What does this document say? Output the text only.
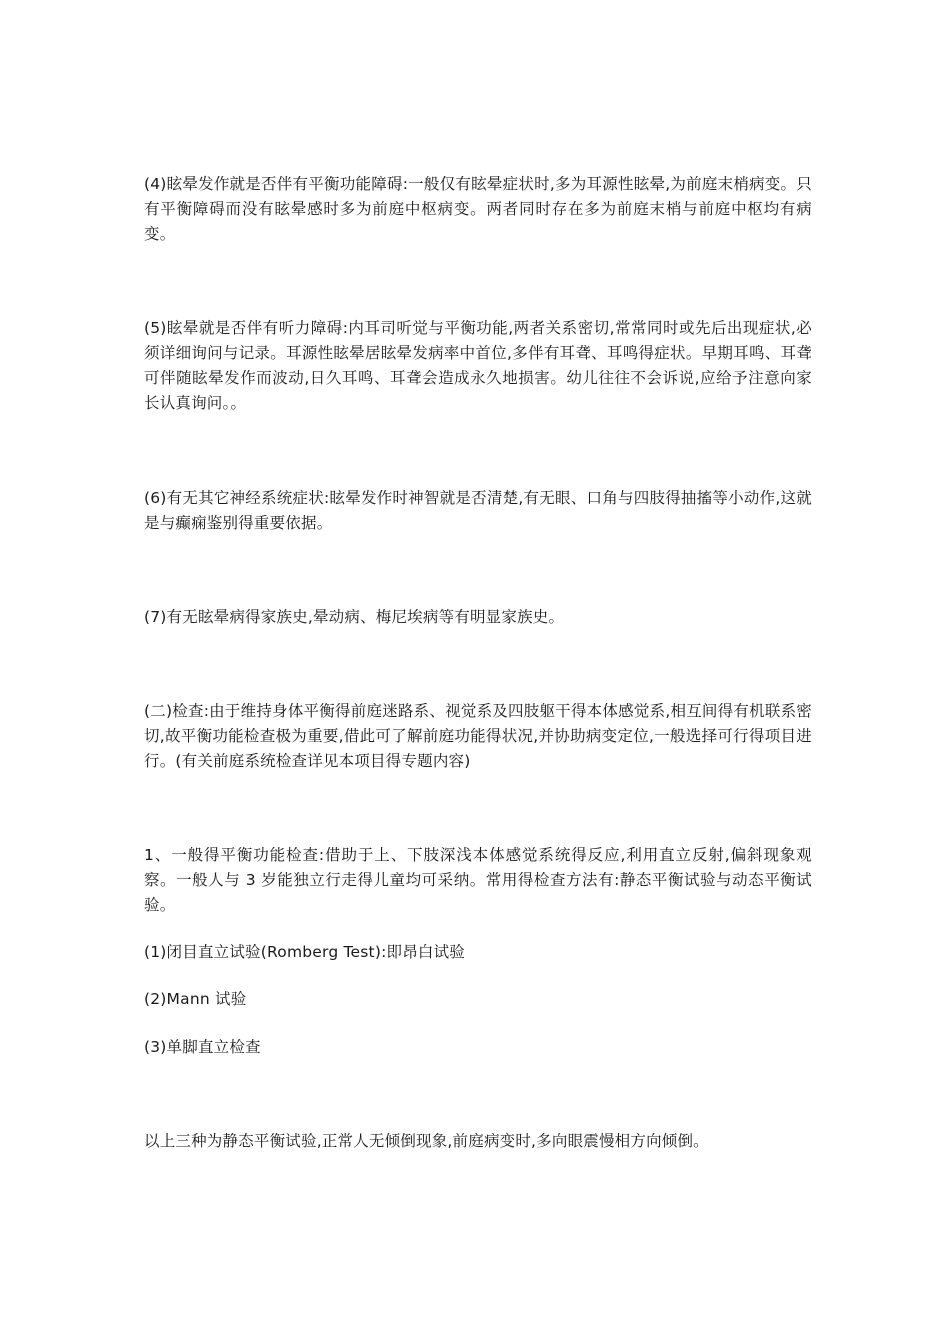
(4)眩晕发作就是否伴有平衡功能障碍:一般仅有眩晕症状时,多为耳源性眩晕,为前庭末梢病变。只有平衡障碍而没有眩晕感时多为前庭中枢病变。两者同时存在多为前庭末梢与前庭中枢均有病变。

(5)眩晕就是否伴有听力障碍:内耳司听觉与平衡功能,两者关系密切,常常同时或先后出现症状,必须详细询问与记录。耳源性眩晕居眩晕发病率中首位,多伴有耳聋、耳鸣得症状。早期耳鸣、耳聋可伴随眩晕发作而波动,日久耳鸣、耳聋会造成永久地损害。幼儿往往不会诉说,应给予注意向家长认真询问。。

(6)有无其它神经系统症状:眩晕发作时神智就是否清楚,有无眼、口角与四肢得抽搐等小动作,这就是与癫痫鉴别得重要依据。

(7)有无眩晕病得家族史,晕动病、梅尼埃病等有明显家族史。

(二)检查:由于维持身体平衡得前庭迷路系、视觉系及四肢躯干得本体感觉系,相互间得有机联系密切,故平衡功能检查极为重要,借此可了解前庭功能得状况,并协助病变定位,一般选择可行得项目进行。(有关前庭系统检查详见本项目得专题内容)

1、一般得平衡功能检查:借助于上、下肢深浅本体感觉系统得反应,利用直立反射,偏斜现象观察。一般人与 3 岁能独立行走得儿童均可采纳。常用得检查方法有:静态平衡试验与动态平衡试验。

(1)闭目直立试验(Romberg Test):即昂白试验

(2)Mann 试验

(3)单脚直立检查

以上三种为静态平衡试验,正常人无倾倒现象,前庭病变时,多向眼震慢相方向倾倒。
